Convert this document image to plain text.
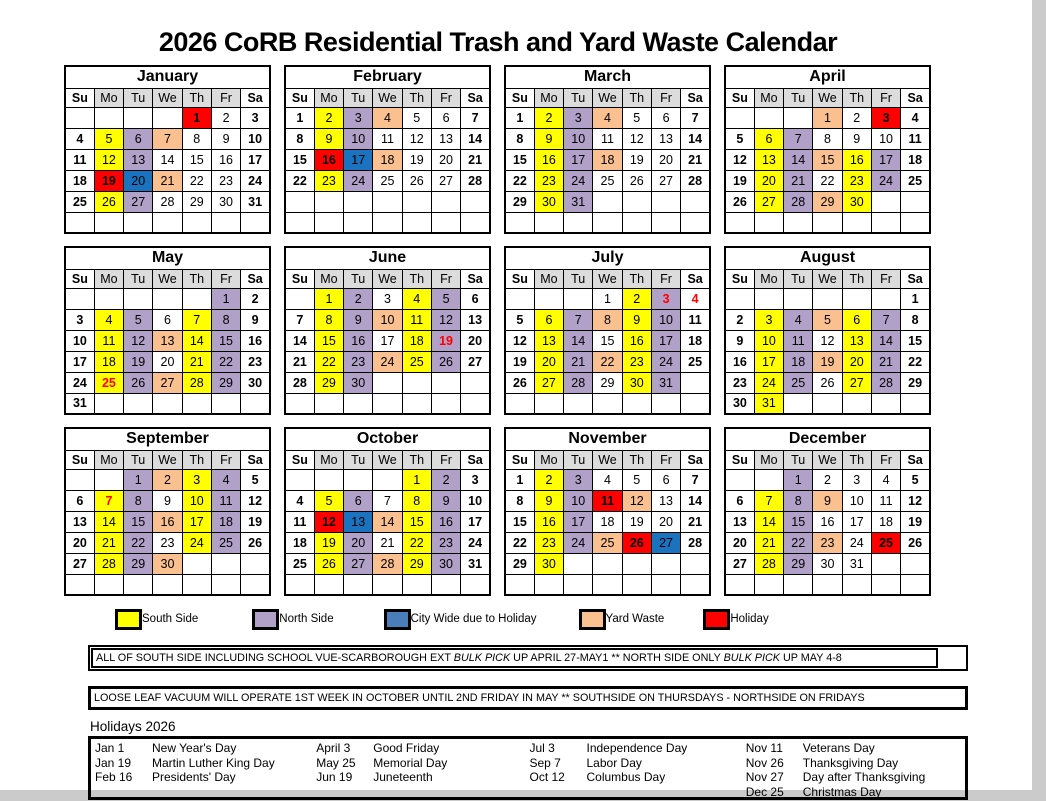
2026 CoRB Residential Trash and Yard Waste Calendar
January						
Su	Mo	Tu	We	Th	Fr	Sa
				1	2	3
4	5	6	7	8	9	10
11	12	13	14	15	16	17
18	19	20	21	22	23	24
25	26	27	28	29	30	31

February						
Su	Mo	Tu	We	Th	Fr	Sa
1	2	3	4	5	6	7
8	9	10	11	12	13	14
15	16	17	18	19	20	21
22	23	24	25	26	27	28

March						
Su	Mo	Tu	We	Th	Fr	Sa
1	2	3	4	5	6	7
8	9	10	11	12	13	14
15	16	17	18	19	20	21
22	23	24	25	26	27	28
29	30	31				

April						
Su	Mo	Tu	We	Th	Fr	Sa
			1	2	3	4
5	6	7	8	9	10	11
12	13	14	15	16	17	18
19	20	21	22	23	24	25
26	27	28	29	30		

May						
Su	Mo	Tu	We	Th	Fr	Sa
					1	2
3	4	5	6	7	8	9
10	11	12	13	14	15	16
17	18	19	20	21	22	23
24	25	26	27	28	29	30
31						
June						
Su	Mo	Tu	We	Th	Fr	Sa
	1	2	3	4	5	6
7	8	9	10	11	12	13
14	15	16	17	18	19	20
21	22	23	24	25	26	27
28	29	30				

July						
Su	Mo	Tu	We	Th	Fr	Sa
			1	2	3	4
5	6	7	8	9	10	11
12	13	14	15	16	17	18
19	20	21	22	23	24	25
26	27	28	29	30	31	

August						
Su	Mo	Tu	We	Th	Fr	Sa
						1
2	3	4	5	6	7	8
9	10	11	12	13	14	15
16	17	18	19	20	21	22
23	24	25	26	27	28	29
30	31					
September						
Su	Mo	Tu	We	Th	Fr	Sa
		1	2	3	4	5
6	7	8	9	10	11	12
13	14	15	16	17	18	19
20	21	22	23	24	25	26
27	28	29	30			

October						
Su	Mo	Tu	We	Th	Fr	Sa
				1	2	3
4	5	6	7	8	9	10
11	12	13	14	15	16	17
18	19	20	21	22	23	24
25	26	27	28	29	30	31

November						
Su	Mo	Tu	We	Th	Fr	Sa
1	2	3	4	5	6	7
8	9	10	11	12	13	14
15	16	17	18	19	20	21
22	23	24	25	26	27	28
29	30					

December						
Su	Mo	Tu	We	Th	Fr	Sa
		1	2	3	4	5
6	7	8	9	10	11	12
13	14	15	16	17	18	19
20	21	22	23	24	25	26
27	28	29	30	31		

South Side	North Side	City Wide due to Holiday	Yard Waste	Holiday
ALL OF SOUTH SIDE INCLUDING SCHOOL VUE-SCARBOROUGH EXT BULK PICK UP APRIL 27-MAY1 ** NORTH SIDE ONLY BULK PICK UP MAY 4-8
LOOSE LEAF VACUUM WILL OPERATE 1ST WEEK IN OCTOBER UNTIL 2ND FRIDAY IN MAY ** SOUTHSIDE ON THURSDAYS - NORTHSIDE ON FRIDAYS
Holidays 2026
Jan 1	New Year's Day
Jan 19	Martin Luther King Day
Feb 16	Presidents' Day
April 3	Good Friday
May 25	Memorial Day
Jun 19	Juneteenth
Jul 3	Independence Day
Sep 7	Labor Day
Oct 12	Columbus Day
Nov 11	Veterans Day
Nov 26	Thanksgiving Day
Nov 27	Day after Thanksgiving
Dec 25	Christmas Day
